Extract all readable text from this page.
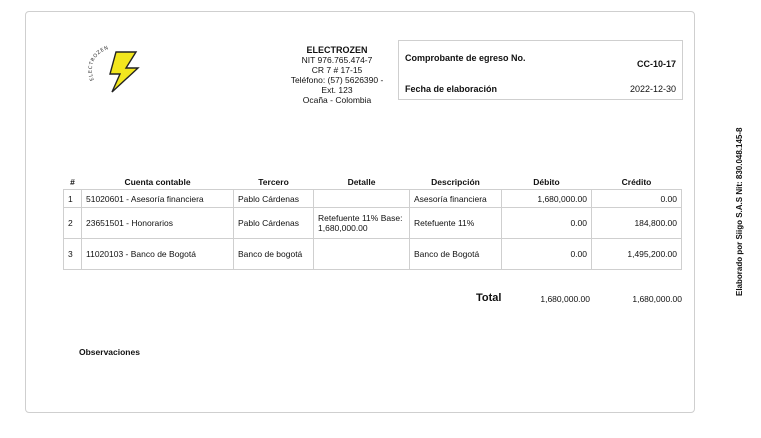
ELECTROZEN	ELECTROZEN
NIT 976.765.474-7
CR 7 # 17-15
Teléfono: (57) 5626390 -
Ext. 123
Ocaña - Colombia
Comprobante de egreso No.
CC-10-17
Fecha de elaboración	2022-12-30
Elaborado por Siigo S.A.S Nit: 830.048.145-8
#	Cuenta contable	Tercero	Detalle	Descripción	Débito	Crédito
1	51020601 - Asesoría financiera	Pablo Cárdenas		Asesoría financiera	1,680,000.00	0.00
2	23651501 - Honorarios	Pablo Cárdenas	Retefuente 11% Base: 1,680,000.00	Retefuente 11%	0.00	184,800.00
3	11020103 - Banco de Bogotá	Banco de bogotá		Banco de Bogotá	0.00	1,495,200.00
Total	1,680,000.00	1,680,000.00
Observaciones
